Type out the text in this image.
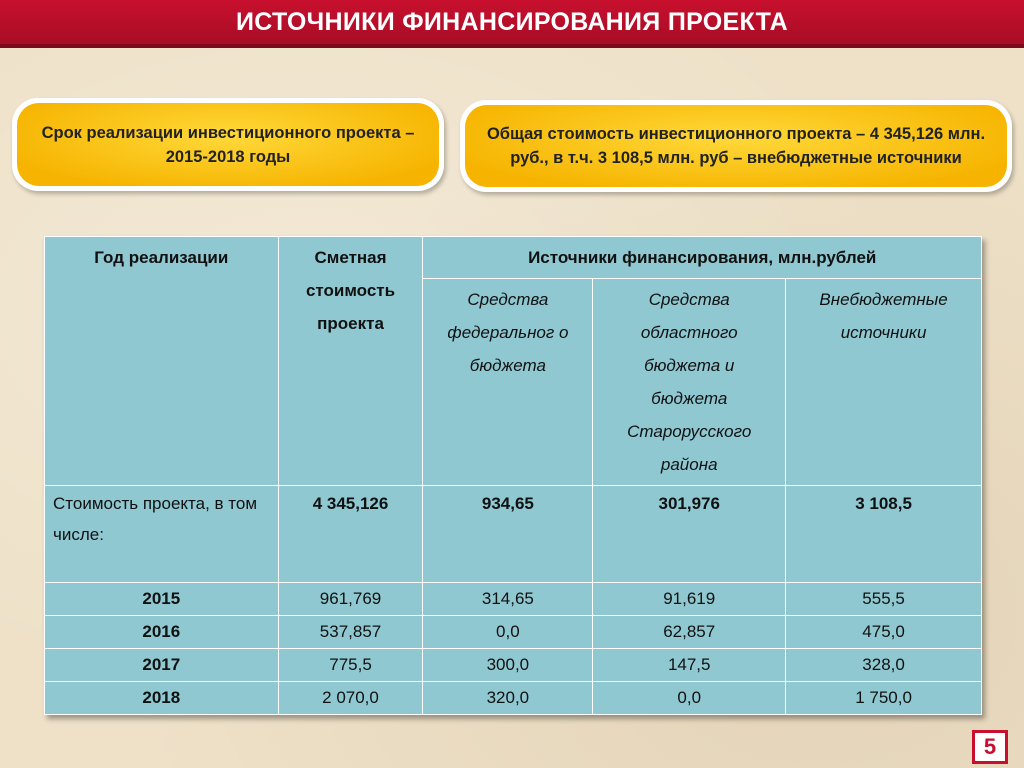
ИСТОЧНИКИ ФИНАНСИРОВАНИЯ ПРОЕКТА
Срок реализации инвестиционного проекта – 2015-2018 годы
Общая стоимость инвестиционного проекта – 4 345,126 млн. руб., в т.ч. 3 108,5 млн. руб – внебюджетные источники
Год реализации	Сметная стоимость проекта	Источники финансирования, млн.рублей		
		Средства федеральног о бюджета	Средства областного бюджета и бюджета Старорусского района	Внебюджетные источники
Стоимость проекта, в том числе:	4 345,126	934,65	301,976	3 108,5
2015	961,769	314,65	91,619	555,5
2016	537,857	0,0	62,857	475,0
2017	775,5	300,0	147,5	328,0
2018	2 070,0	320,0	0,0	1 750,0
5
